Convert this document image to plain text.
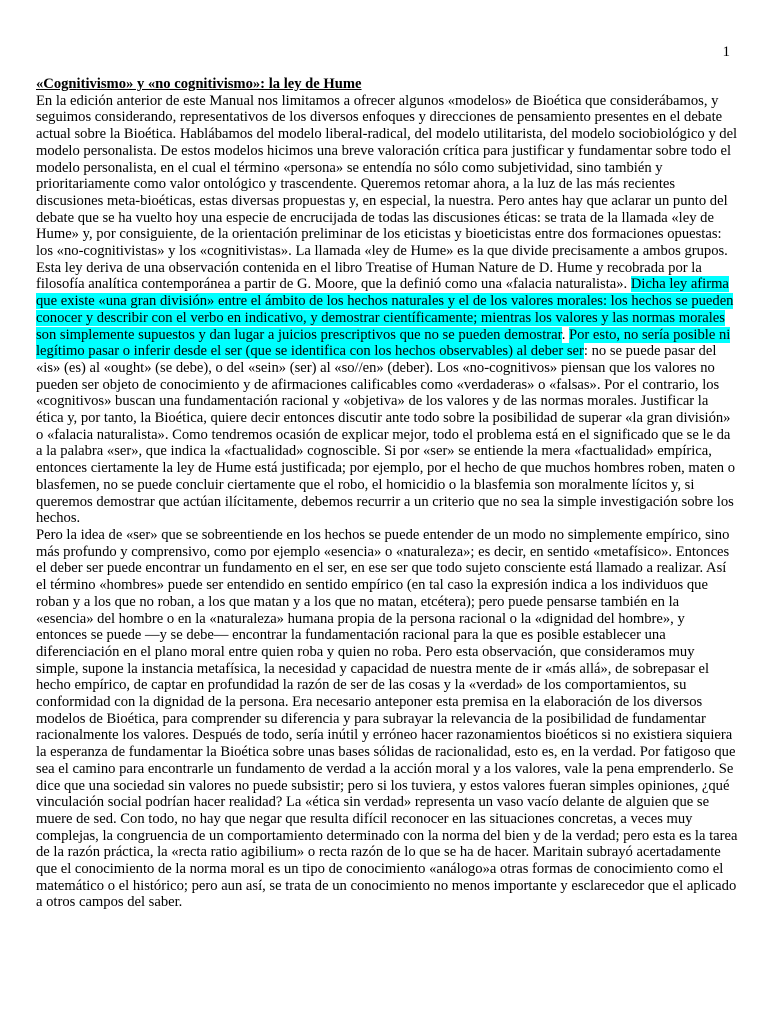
1
«Cognitivismo» y «no cognitivismo»: la ley de Hume

En la edición anterior de este Manual nos limitamos a ofrecer algunos «modelos» de Bioética que considerábamos, y seguimos considerando, representativos de los diversos enfoques y direcciones de pensamiento presentes en el debate actual sobre la Bioética. Hablábamos del modelo liberal-radical, del modelo utilitarista, del modelo sociobiológico y del modelo personalista. De estos modelos hicimos una breve valoración crítica para justificar y fundamentar sobre todo el modelo personalista, en el cual el término «persona» se entendía no sólo como subjetividad, sino también y prioritariamente como valor ontológico y trascendente. Queremos retomar ahora, a la luz de las más recientes discusiones meta-bioéticas, estas diversas propuestas y, en especial, la nuestra. Pero antes hay que aclarar un punto del debate que se ha vuelto hoy una especie de encrucijada de todas las discusiones éticas: se trata de la llamada «ley de Hume» y, por consiguiente, de la orientación preliminar de los eticistas y bioeticistas entre dos formaciones opuestas: los «no-cognitivistas» y los «cognitivistas». La llamada «ley de Hume» es la que divide precisamente a ambos grupos. Esta ley deriva de una observación contenida en el libro Treatise of Human Nature de D. Hume y recobrada por la filosofía analítica contemporánea a partir de G. Moore, que la definió como una «falacia naturalista». Dicha ley afirma que existe «una gran división» entre el ámbito de los hechos naturales y el de los valores morales: los hechos se pueden conocer y describir con el verbo en indicativo, y demostrar científicamente; mientras los valores y las normas morales son simplemente supuestos y dan lugar a juicios prescriptivos que no se pueden demostrar. Por esto, no sería posible ni legítimo pasar o inferir desde el ser (que se identifica con los hechos observables) al deber ser: no se puede pasar del «is» (es) al «ought» (se debe), o del «sein» (ser) al «so//en» (deber). Los «no-cognitivos» piensan que los valores no pueden ser objeto de conocimiento y de afirmaciones calificables como «verdaderas» o «falsas». Por el contrario, los «cognitivos» buscan una fundamentación racional y «objetiva» de los valores y de las normas morales. Justificar la ética y, por tanto, la Bioética, quiere decir entonces discutir ante todo sobre la posibilidad de superar «la gran división» o «falacia naturalista». Como tendremos ocasión de explicar mejor, todo el problema está en el significado que se le da a la palabra «ser», que indica la «factualidad» cognoscible. Si por «ser» se entiende la mera «factualidad» empírica, entonces ciertamente la ley de Hume está justificada; por ejemplo, por el hecho de que muchos hombres roben, maten o blasfemen, no se puede concluir ciertamente que el robo, el homicidio o la blasfemia son moralmente lícitos y, si queremos demostrar que actúan ilícitamente, debemos recurrir a un criterio que no sea la simple investigación sobre los hechos.

Pero la idea de «ser» que se sobreentiende en los hechos se puede entender de un modo no simplemente empírico, sino más profundo y comprensivo, como por ejemplo «esencia» o «naturaleza»; es decir, en sentido «metafísico». Entonces el deber ser puede encontrar un fundamento en el ser, en ese ser que todo sujeto consciente está llamado a realizar. Así el término «hombres» puede ser entendido en sentido empírico (en tal caso la expresión indica a los individuos que roban y a los que no roban, a los que matan y a los que no matan, etcétera); pero puede pensarse también en la «esencia» del hombre o en la «naturaleza» humana propia de la persona racional o la «dignidad del hombre», y entonces se puede —y se debe— encontrar la fundamentación racional para la que es posible establecer una diferenciación en el plano moral entre quien roba y quien no roba. Pero esta observación, que consideramos muy simple, supone la instancia metafísica, la necesidad y capacidad de nuestra mente de ir «más allá», de sobrepasar el hecho empírico, de captar en profundidad la razón de ser de las cosas y la «verdad» de los comportamientos, su conformidad con la dignidad de la persona. Era necesario anteponer esta premisa en la elaboración de los diversos modelos de Bioética, para comprender su diferencia y para subrayar la relevancia de la posibilidad de fundamentar racionalmente los valores. Después de todo, sería inútil y erróneo hacer razonamientos bioéticos si no existiera siquiera la esperanza de fundamentar la Bioética sobre unas bases sólidas de racionalidad, esto es, en la verdad. Por fatigoso que sea el camino para encontrarle un fundamento de verdad a la acción moral y a los valores, vale la pena emprenderlo. Se dice que una sociedad sin valores no puede subsistir; pero si los tuviera, y estos valores fueran simples opiniones, ¿qué vinculación social podrían hacer realidad? La «ética sin verdad» representa un vaso vacío delante de alguien que se muere de sed. Con todo, no hay que negar que resulta difícil reconocer en las situaciones concretas, a veces muy complejas, la congruencia de un comportamiento determinado con la norma del bien y de la verdad; pero esta es la tarea de la razón práctica, la «recta ratio agibilium» o recta razón de lo que se ha de hacer. Maritain subrayó acertadamente que el conocimiento de la norma moral es un tipo de conocimiento «análogo»a otras formas de conocimiento como el matemático o el histórico; pero aun así, se trata de un conocimiento no menos importante y esclarecedor que el aplicado a otros campos del saber.
